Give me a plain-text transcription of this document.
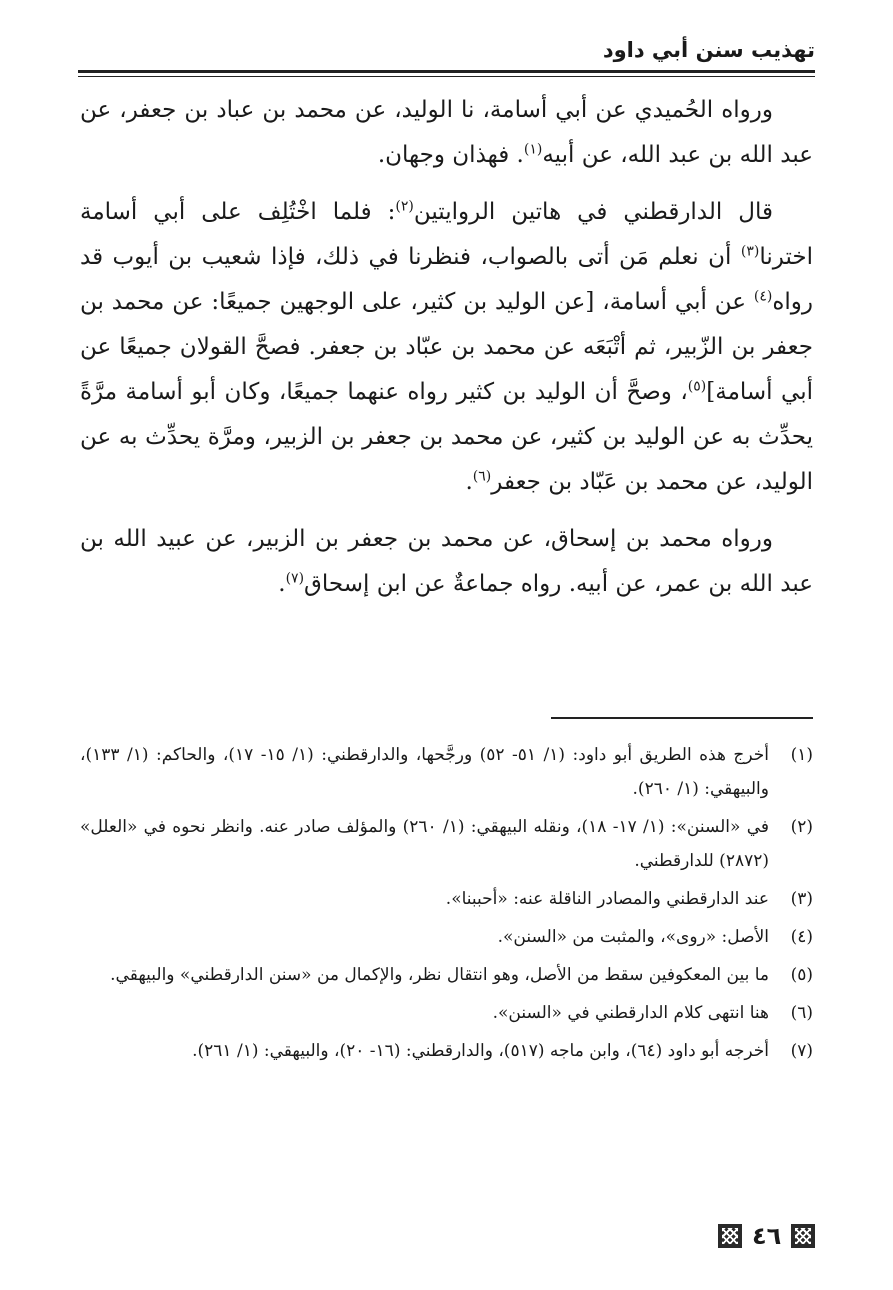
تهذيب سنن أبي داود

ورواه الحُميدي عن أبي أسامة، نا الوليد، عن محمد بن عباد بن جعفر، عن عبد الله بن عبد الله، عن أبيه$^{(١)}$. فهذان وجهان.

قال الدارقطني في هاتين الروايتين$^{(٢)}$: فلما اخْتُلِف على أبي أسامة اخترنا$^{(٣)}$ أن نعلم مَن أتى بالصواب، فنظرنا في ذلك، فإذا شعيب بن أيوب قد رواه$^{(٤)}$ عن أبي أسامة، [عن الوليد بن كثير، على الوجهين جميعًا: عن محمد بن جعفر بن الزّبير، ثم أتْبَعَه عن محمد بن عبّاد بن جعفر. فصحَّ القولان جميعًا عن أبي أسامة]$^{(٥)}$، وصحَّ أن الوليد بن كثير رواه عنهما جميعًا، وكان أبو أسامة مرَّةً يحدِّث به عن الوليد بن كثير، عن محمد بن جعفر بن الزبير، ومرَّة يحدِّث به عن الوليد، عن محمد بن عَبّاد بن جعفر$^{(٦)}$.

ورواه محمد بن إسحاق، عن محمد بن جعفر بن الزبير، عن عبيد الله بن عبد الله بن عمر، عن أبيه. رواه جماعةٌ عن ابن إسحاق$^{(٧)}$.

(١)
أخرج هذه الطريق أبو داود: (١/ ٥١- ٥٢) ورجَّحها، والدارقطني: (١/ ١٥- ١٧)، والحاكم: (١/ ١٣٣)، والبيهقي: (١/ ٢٦٠).
(٢)
في «السنن»: (١/ ١٧- ١٨)، ونقله البيهقي: (١/ ٢٦٠) والمؤلف صادر عنه. وانظر نحوه في «العلل» (٢٨٧٢) للدارقطني.
(٣)
عند الدارقطني والمصادر الناقلة عنه: «أحببنا».
(٤)
الأصل: «روى»، والمثبت من «السنن».
(٥)
ما بين المعكوفين سقط من الأصل، وهو انتقال نظر، والإكمال من «سنن الدارقطني» والبيهقي.
(٦)
هنا انتهى كلام الدارقطني في «السنن».
(٧)
أخرجه أبو داود (٦٤)، وابن ماجه (٥١٧)، والدارقطني: (١٦- ٢٠)، والبيهقي: (١/ ٢٦١).
٤٦
